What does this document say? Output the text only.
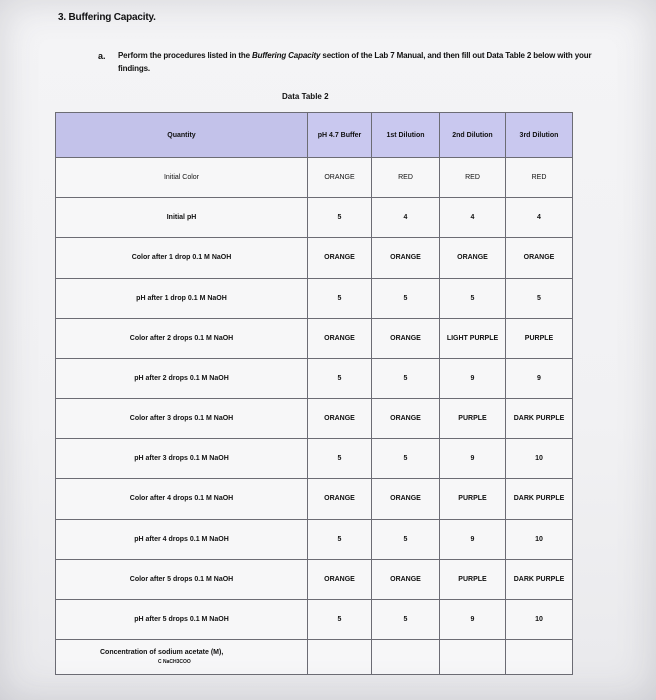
3. Buffering Capacity.
a. Perform the procedures listed in the Buffering Capacity section of the Lab 7 Manual, and then fill out Data Table 2 below with your findings.
Data Table 2
Quantity	pH 4.7 Buffer	1st Dilution	2nd Dilution	3rd Dilution
Initial Color	ORANGE	RED	RED	RED
Initial pH	5	4	4	4
Color after 1 drop 0.1 M NaOH	ORANGE	ORANGE	ORANGE	ORANGE
pH after 1 drop 0.1 M NaOH	5	5	5	5
Color after 2 drops 0.1 M NaOH	ORANGE	ORANGE	LIGHT PURPLE	PURPLE
pH after 2 drops 0.1 M NaOH	5	5	9	9
Color after 3 drops 0.1 M NaOH	ORANGE	ORANGE	PURPLE	DARK PURPLE
pH after 3 drops 0.1 M NaOH	5	5	9	10
Color after 4 drops 0.1 M NaOH	ORANGE	ORANGE	PURPLE	DARK PURPLE
pH after 4 drops 0.1 M NaOH	5	5	9	10
Color after 5 drops 0.1 M NaOH	ORANGE	ORANGE	PURPLE	DARK PURPLE
pH after 5 drops 0.1 M NaOH	5	5	9	10
Concentration of sodium acetate (M),
C NaCH3COO				
